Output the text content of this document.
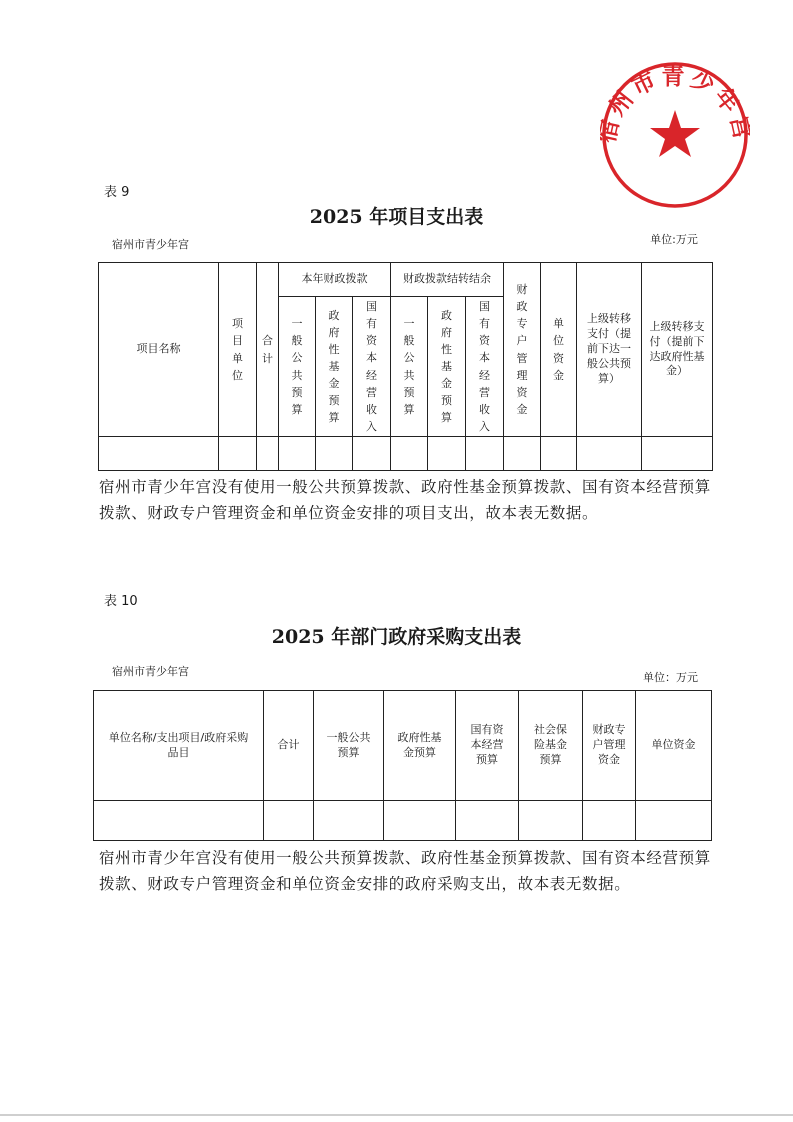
州市青少年
表 9
2025 年项目支出表
宿州市青少年宫	单位:万元
项目名称	项目单位	合计	本年财政拨款			财政拨款结转结余			财政专户管理资金	单位资金	上级转移支付（提前下达一般公共预算）	上级转移支付（提前下达政府性基金）

			一般公共预算	政府性基金预算	国有资本经营收入	一般公共预算	政府性基金预算	国有资本经营收入				

宿州市青少年宫没有使用一般公共预算拨款、政府性基金预算拨款、国有资本经营预算拨款、财政专户管理资金和单位资金安排的项目支出，故本表无数据。
表 10
2025 年部门政府采购支出表
宿州市青少年宫	单位：万元
单位名称/支出项目/政府采购品目	合计	一般公共预算	政府性基金预算	国有资本经营预算	社会保险基金预算	财政专户管理资金	单位资金

宿州市青少年宫没有使用一般公共预算拨款、政府性基金预算拨款、国有资本经营预算拨款、财政专户管理资金和单位资金安排的政府采购支出，故本表无数据。
